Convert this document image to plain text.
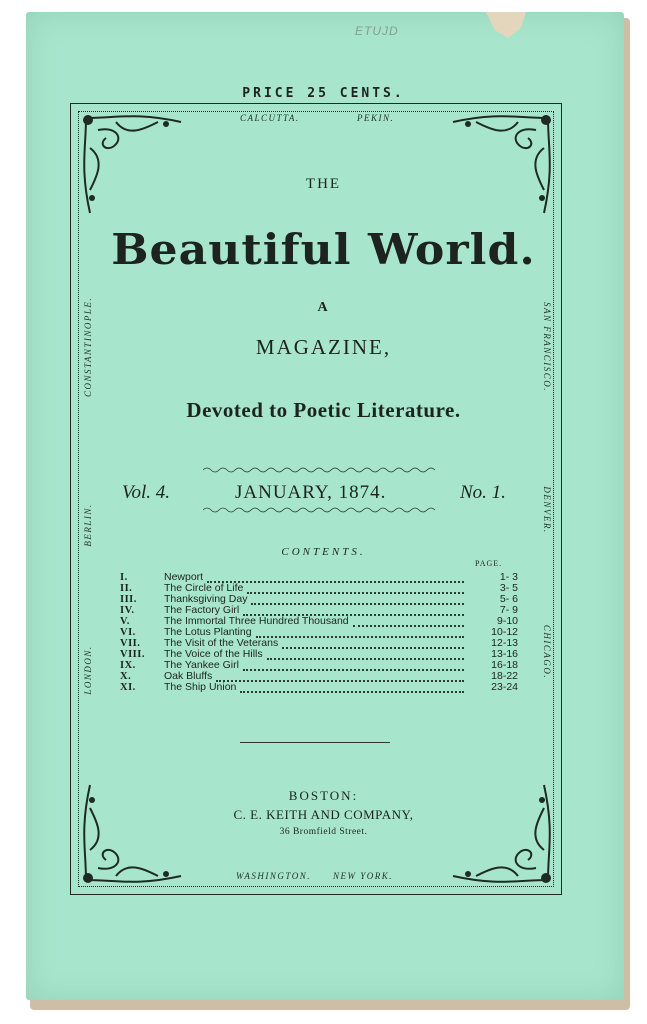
ETUJD
PRICE 25 CENTS.
CALCUTTA.	PEKIN.
CONSTANTINOPLE.
BERLIN.
LONDON.
SAN FRANCISCO.
DENVER.
CHICAGO.
WASHINGTON. NEW YORK.
THE
Beautiful World.
A
MAGAZINE,
Devoted to Poetic Literature.
Vol. 4.	JANUARY, 1874.	No. 1.
CONTENTS.
PAGE.
I.	Newport	1- 3
II.	The Circle of Life	3- 5
III.	Thanksgiving Day	5- 6
IV.	The Factory Girl	7- 9
V.	The Immortal Three Hundred Thousand	9-10
VI.	The Lotus Planting	10-12
VII.	The Visit of the Veterans	12-13
VIII.	The Voice of the Hills	13-16
IX.	The Yankee Girl	16-18
X.	Oak Bluffs	18-22
XI.	The Ship Union	23-24
BOSTON:
C. E. KEITH AND COMPANY,
36 Bromfield Street.
